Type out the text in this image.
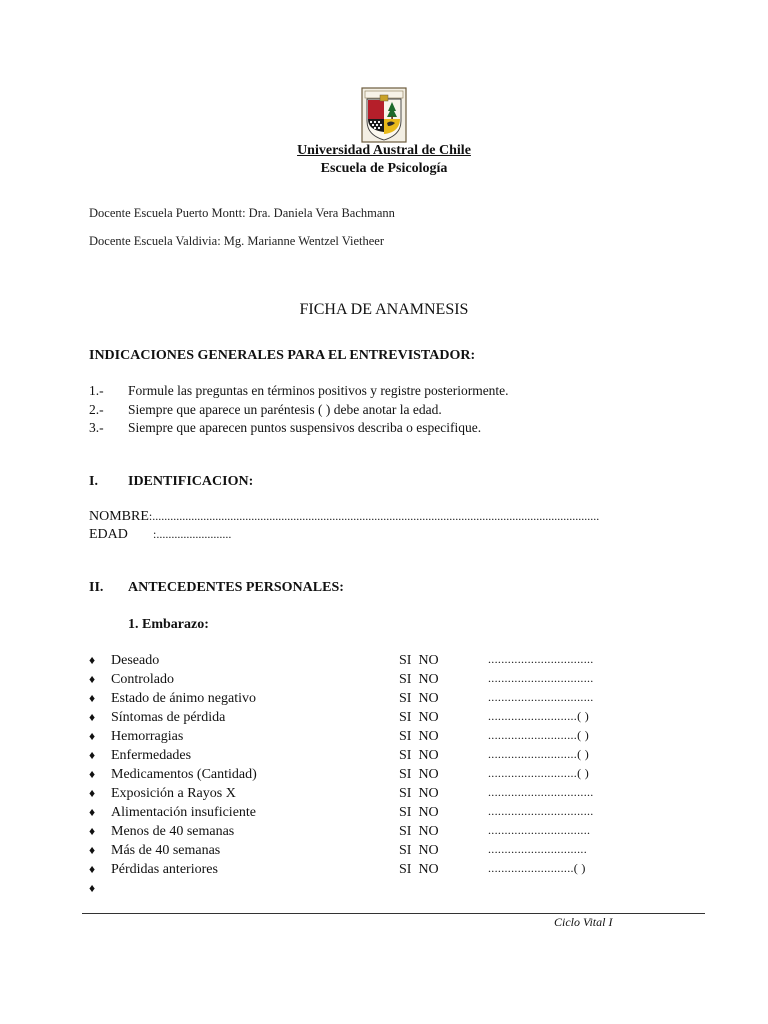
Universidad Austral de Chile
Escuela de Psicología
Docente Escuela Puerto Montt: Dra. Daniela Vera Bachmann
Docente Escuela Valdivia: Mg. Marianne Wentzel Vietheer
FICHA DE ANAMNESIS
INDICACIONES GENERALES PARA EL ENTREVISTADOR:
1.- Formule las preguntas en términos positivos y registre posteriormente.
2.- Siempre que aparece un paréntesis ( ) debe anotar la edad.
3.- Siempre que aparecen puntos suspensivos describa o especifique.
I. IDENTIFICACION:
NOMBRE:.....................................................................................................................................................
EDAD :.........................
II. ANTECEDENTES PERSONALES:
1. Embarazo:
♦ Deseado	SI  NO	................................
♦ Controlado	SI  NO	................................
♦ Estado de ánimo negativo	SI  NO	................................
♦ Síntomas de pérdida	SI  NO	...........................( )
♦ Hemorragias	SI  NO	...........................( )
♦ Enfermedades	SI  NO	...........................( )
♦ Medicamentos (Cantidad)	SI  NO	...........................( )
♦ Exposición a Rayos X	SI  NO	................................
♦ Alimentación insuficiente	SI  NO	................................
♦ Menos de 40 semanas	SI  NO	...............................
♦ Más de 40 semanas	SI  NO	..............................
♦ Pérdidas anteriores	SI  NO	..........................( )
♦
Ciclo Vital I
